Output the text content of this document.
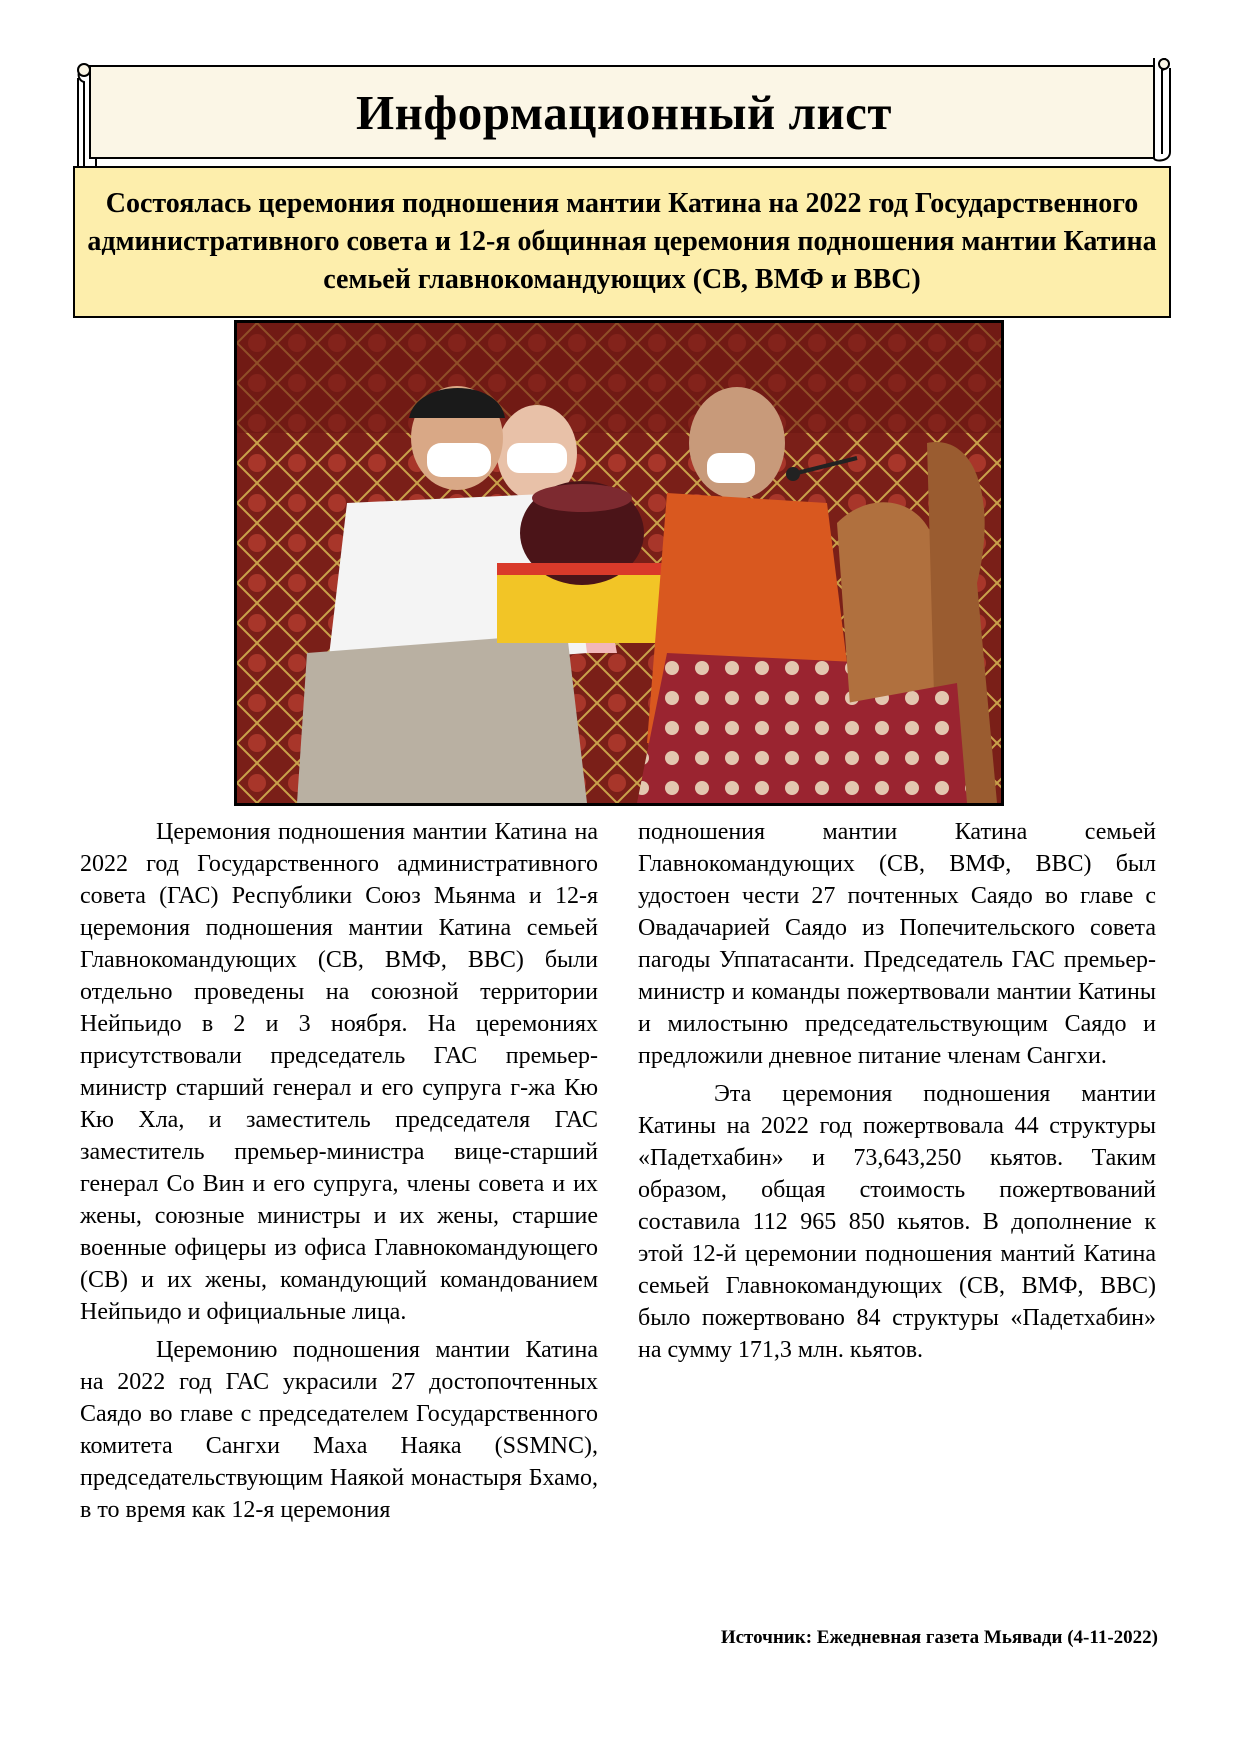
Информационный лист
Состоялась церемония подношения мантии Катина на 2022 год Государственного административного совета и 12-я общинная церемония подношения мантии Катина семьей главнокомандующих (СВ, ВМФ и ВВС)

Церемония подношения мантии Катина на 2022 год Государственного административного совета (ГАС) Республики Союз Мьянма и 12-я церемония подношения мантии Катина семьей Главнокомандующих (СВ, ВМФ, ВВС) были отдельно проведены на союзной территории Нейпьидо в 2 и 3 ноября. На церемониях присутствовали председатель ГАС премьер-министр старший генерал и его супруга г-жа Кю Кю Хла, и заместитель председателя ГАС заместитель премьер-министра вице-старший генерал Со Вин и его супруга, члены совета и их жены, союзные министры и их жены, старшие военные офицеры из офиса Главнокомандующего (СВ) и их жены, командующий командованием Нейпьидо и официальные лица.

Церемонию подношения мантии Катина на 2022 год ГАС украсили 27 достопочтенных Саядо во главе с председателем Государственного комитета Сангхи Маха Наяка (SSMNC), председательствующим Наякой монастыря Бхамо, в то время как 12-я церемония

подношения мантии Катина семьей Главнокомандующих (СВ, ВМФ, ВВС) был удостоен чести 27 почтенных Саядо во главе с Овадачарией Саядо из Попечительского совета пагоды Уппатасанти. Председатель ГАС премьер-министр и команды пожертвовали мантии Катины и милостыню председательствующим Саядо и предложили дневное питание членам Сангхи.

Эта церемония подношения мантии Катины на 2022 год пожертвовала 44 структуры «Падетхабин» и 73,643,250 кьятов. Таким образом, общая стоимость пожертвований составила 112 965 850 кьятов. В дополнение к этой 12-й церемонии подношения мантий Катина семьей Главнокомандующих (СВ, ВМФ, ВВС) было пожертвовано 84 структуры «Падетхабин» на сумму 171,3 млн. кьятов.

Источник: Ежедневная газета Мьявади (4-11-2022)
